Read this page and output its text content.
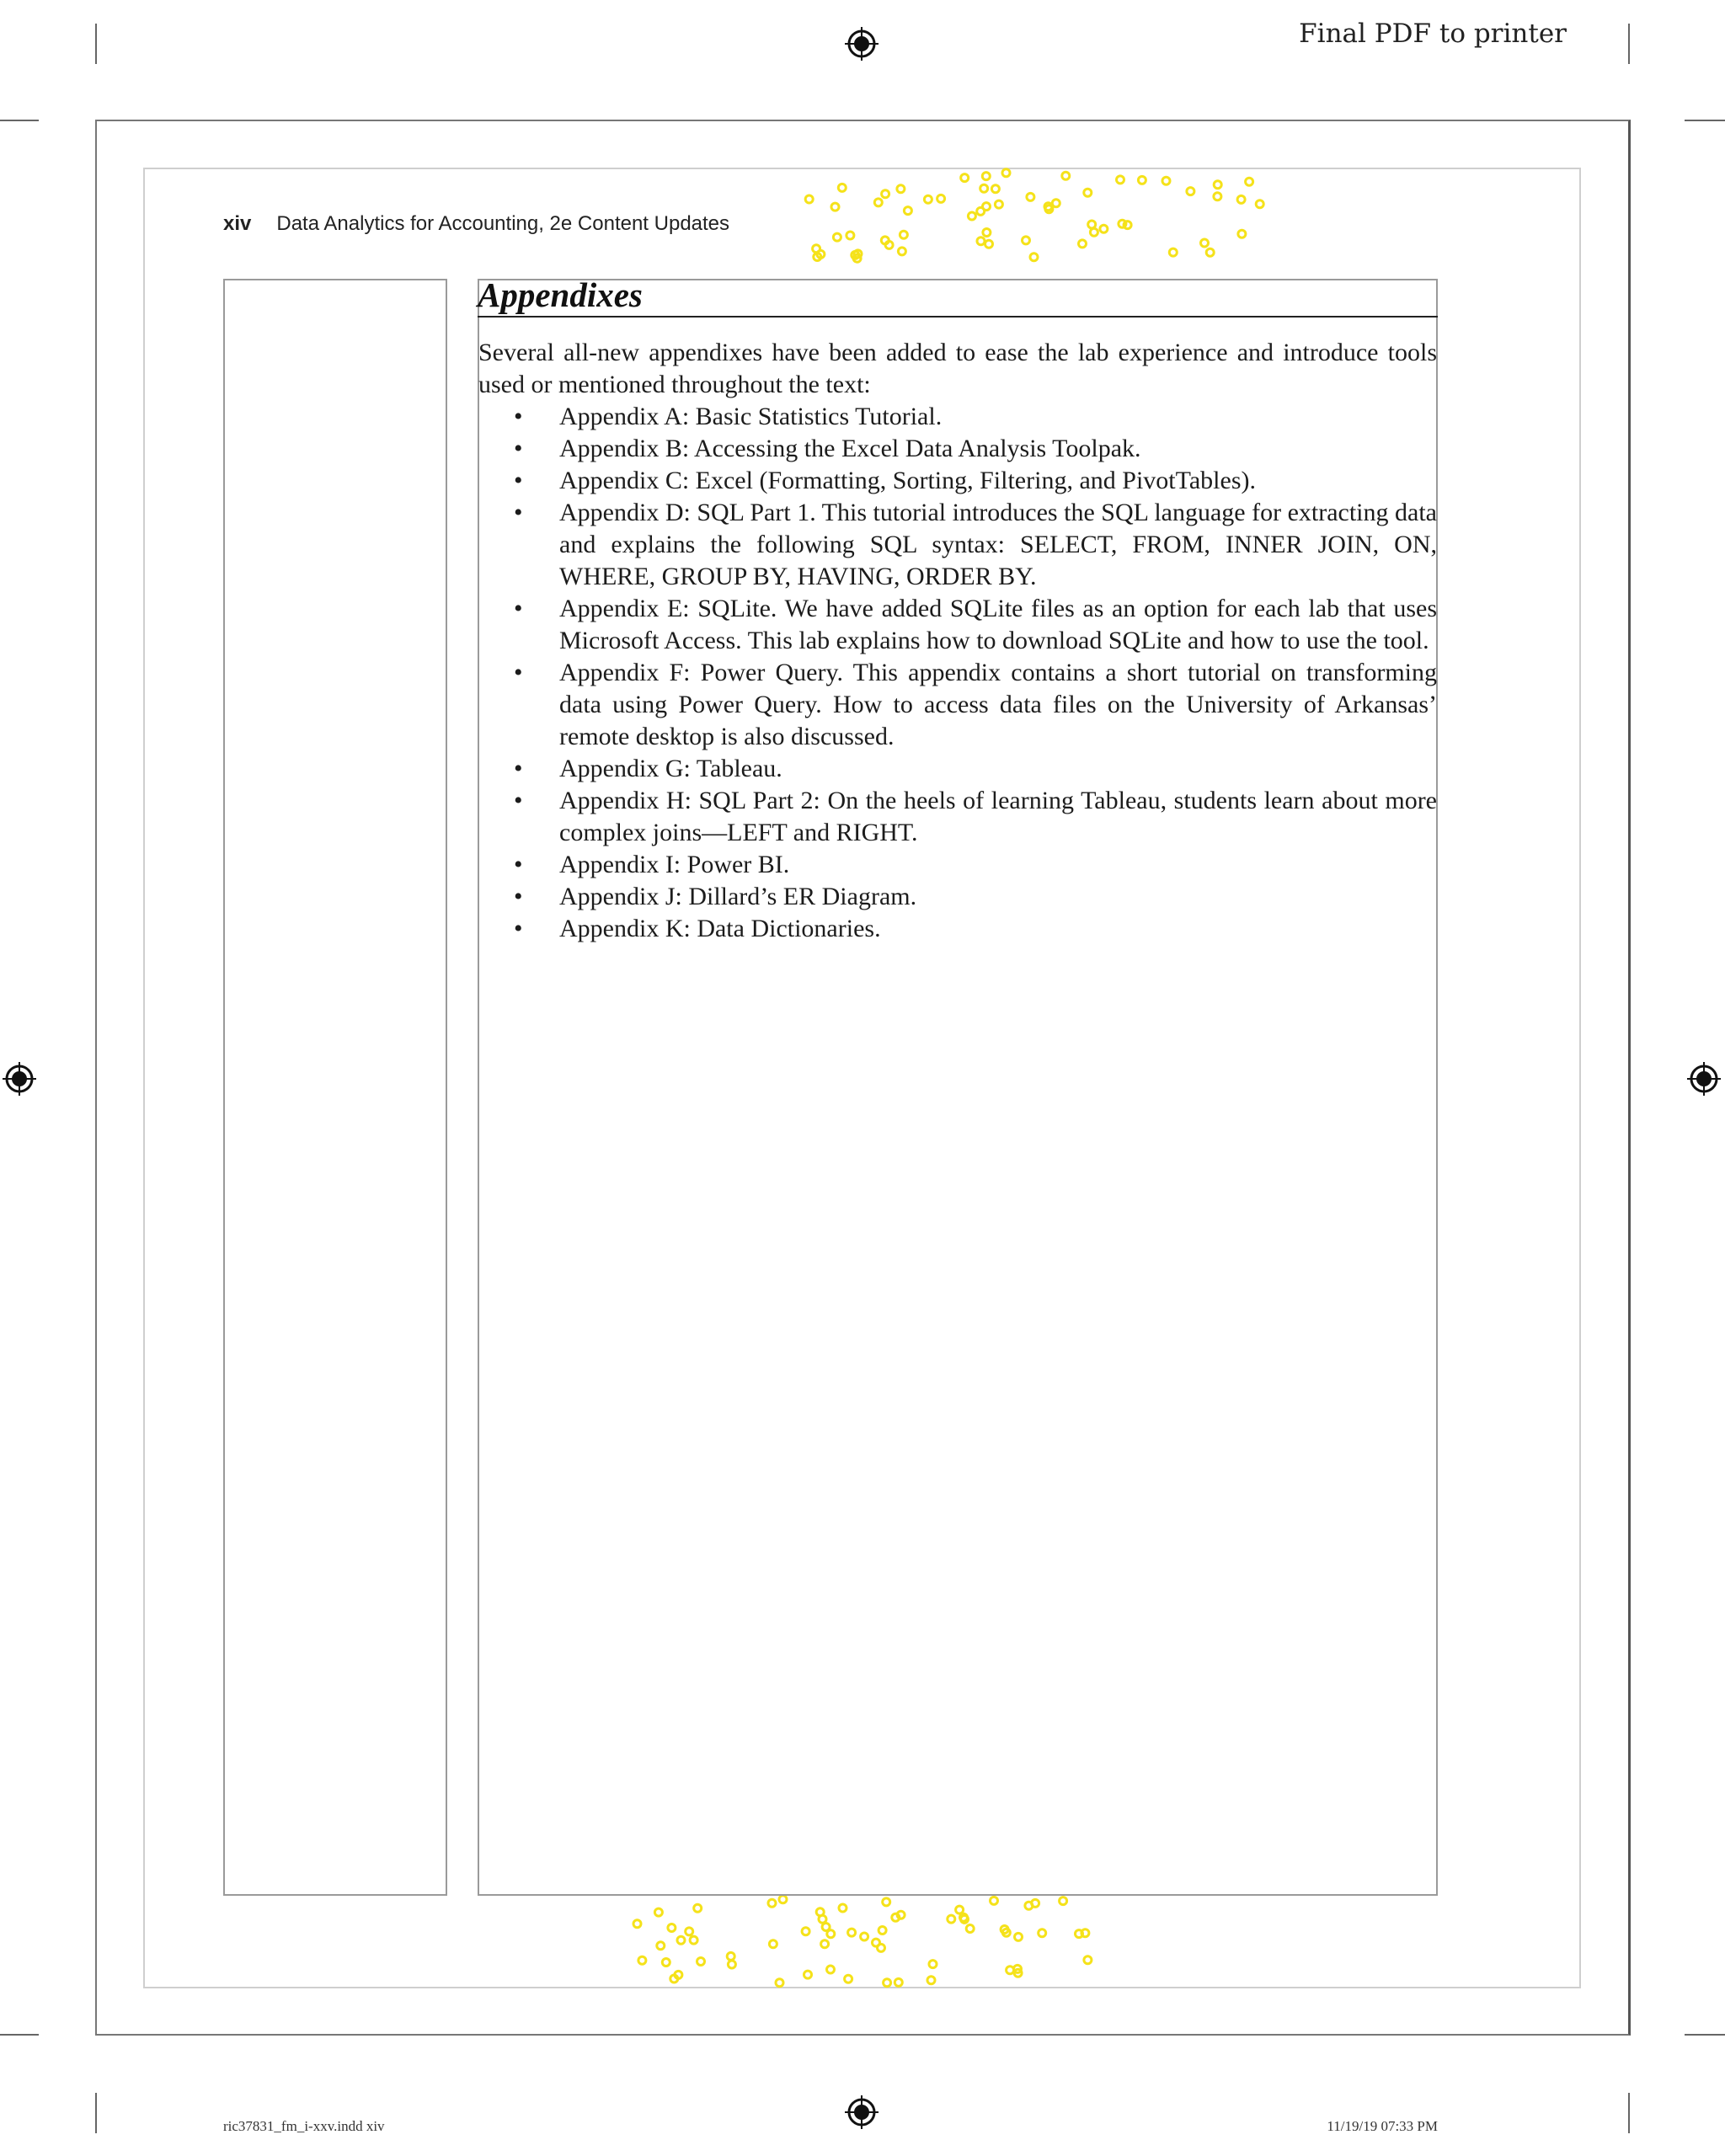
Final PDF to printer
xiv Data Analytics for Accounting, 2e Content Updates
Appendixes

Several all-new appendixes have been added to ease the lab experience and introduce tools used or mentioned throughout the text:

• Appendix A: Basic Statistics Tutorial.
• Appendix B: Accessing the Excel Data Analysis Toolpak.
• Appendix C: Excel (Formatting, Sorting, Filtering, and PivotTables).
• Appendix D: SQL Part 1. This tutorial introduces the SQL language for extracting data and explains the following SQL syntax: SELECT, FROM, INNER JOIN, ON, WHERE, GROUP BY, HAVING, ORDER BY.
• Appendix E: SQLite. We have added SQLite files as an option for each lab that uses Microsoft Access. This lab explains how to download SQLite and how to use the tool.
• Appendix F: Power Query. This appendix contains a short tutorial on transforming data using Power Query. How to access data files on the University of Arkansas’ remote desktop is also discussed.
• Appendix G: Tableau.
• Appendix H: SQL Part 2: On the heels of learning Tableau, students learn about more complex joins—LEFT and RIGHT.
• Appendix I: Power BI.
• Appendix J: Dillard’s ER Diagram.
• Appendix K: Data Dictionaries.
ric37831_fm_i-xxv.indd xiv	11/19/19 07:33 PM
